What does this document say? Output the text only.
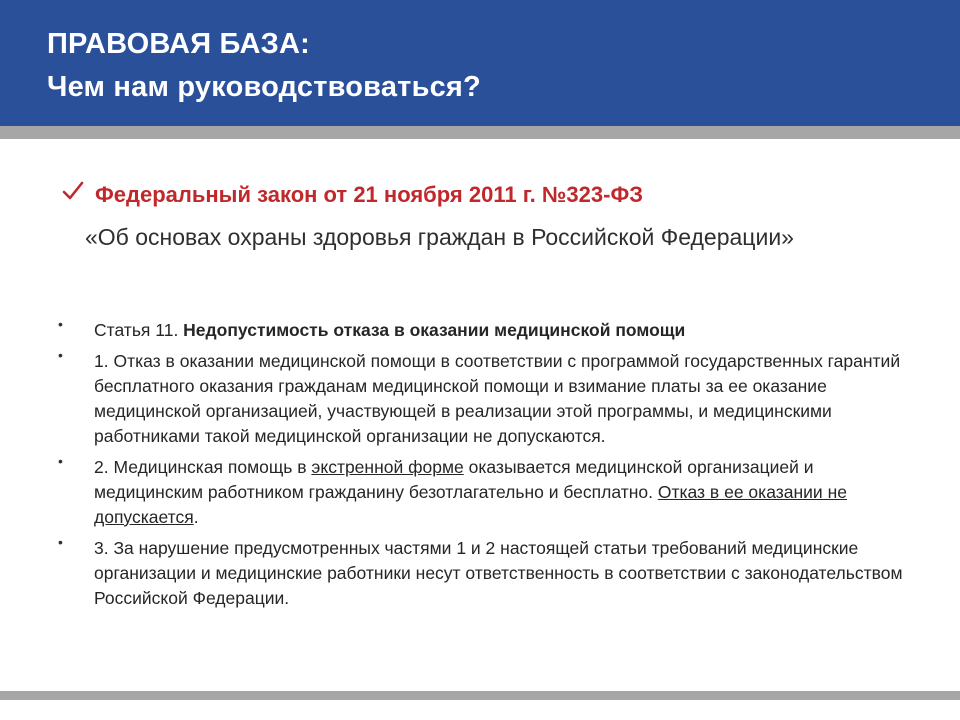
ПРАВОВАЯ БАЗА:
Чем нам руководствоваться?
Федеральный закон от 21 ноября 2011 г. №323-ФЗ
«Об основах охраны здоровья граждан в Российской Федерации»
• Статья 11. Недопустимость отказа в оказании медицинской помощи
• 1. Отказ в оказании медицинской помощи в соответствии с программой государственных гарантий бесплатного оказания гражданам медицинской помощи и взимание платы за ее оказание медицинской организацией, участвующей в реализации этой программы, и медицинскими работниками такой медицинской организации не допускаются.
• 2. Медицинская помощь в экстренной форме оказывается медицинской организацией и медицинским работником гражданину безотлагательно и бесплатно. Отказ в ее оказании не допускается.
• 3. За нарушение предусмотренных частями 1 и 2 настоящей статьи требований медицинские организации и медицинские работники несут ответственность в соответствии с законодательством Российской Федерации.
